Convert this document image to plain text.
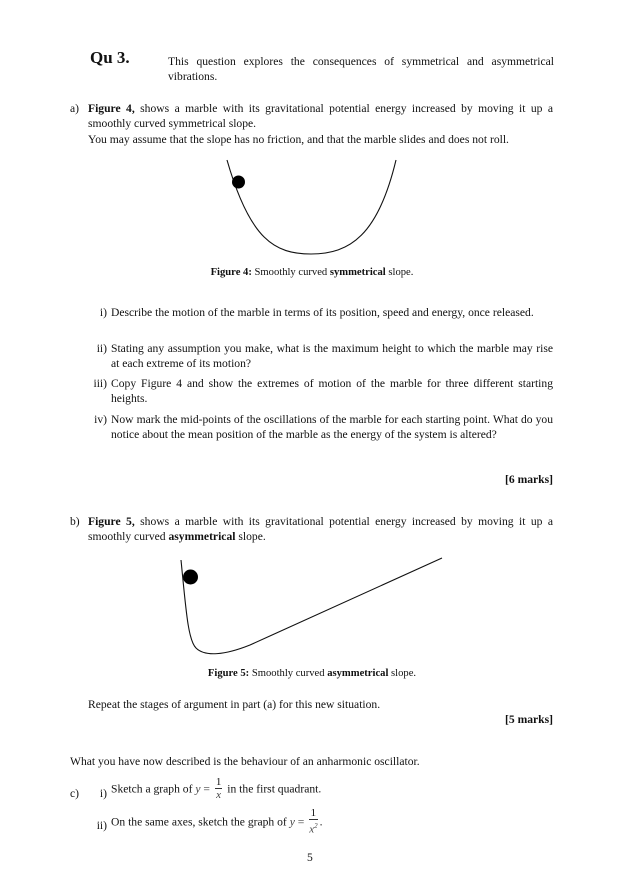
Qu 3.	This question explores the consequences of symmetrical and asymmetrical vibrations.
a) Figure 4, shows a marble with its gravitational potential energy increased by moving it up a smoothly curved symmetrical slope.
You may assume that the slope has no friction, and that the marble slides and does not roll.
Figure 4: Smoothly curved symmetrical slope.
i) Describe the motion of the marble in terms of its position, speed and energy, once released.
ii) Stating any assumption you make, what is the maximum height to which the marble may rise at each extreme of its motion?
iii) Copy Figure 4 and show the extremes of motion of the marble for three different starting heights.
iv) Now mark the mid-points of the oscillations of the marble for each starting point. What do you notice about the mean position of the marble as the energy of the system is altered?
[6 marks]
b) Figure 5, shows a marble with its gravitational potential energy increased by moving it up a smoothly curved asymmetrical slope.
Figure 5: Smoothly curved asymmetrical slope.
Repeat the stages of argument in part (a) for this new situation.
[5 marks]
What you have now described is the behaviour of an anharmonic oscillator.
c)	i) Sketch a graph of $y = \frac{1}{x}$ in the first quadrant.
ii) On the same axes, sketch the graph of $y = \frac{1}{x^2}$ .
5
